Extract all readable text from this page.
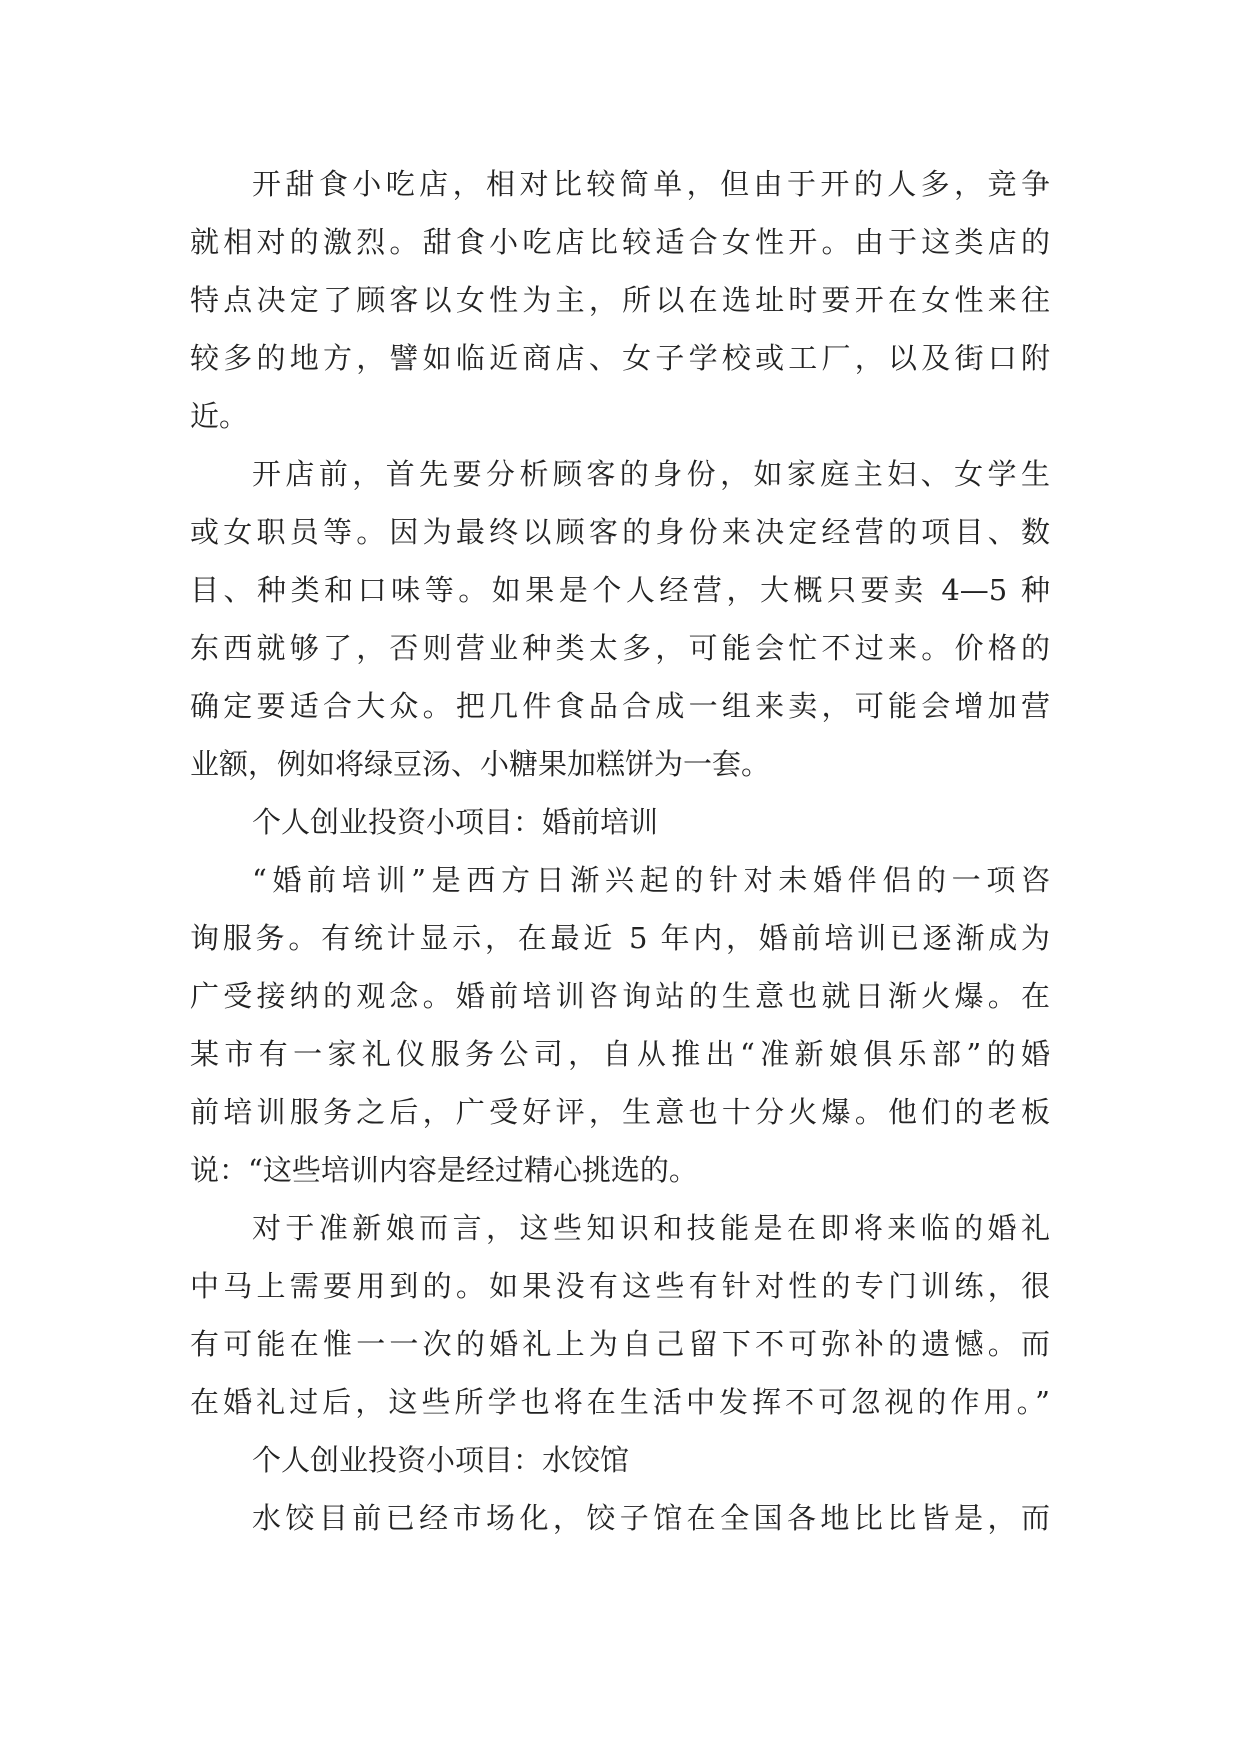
开甜食小吃店，相对比较简单，但由于开的人多，竞争
就相对的激烈。甜食小吃店比较适合女性开。由于这类店的
特点决定了顾客以女性为主，所以在选址时要开在女性来往
较多的地方，譬如临近商店、女子学校或工厂，以及街口附
近。
开店前，首先要分析顾客的身份，如家庭主妇、女学生
或女职员等。因为最终以顾客的身份来决定经营的项目、数
目、种类和口味等。如果是个人经营，大概只要卖 4—5 种
东西就够了，否则营业种类太多，可能会忙不过来。价格的
确定要适合大众。把几件食品合成一组来卖，可能会增加营
业额，例如将绿豆汤、小糖果加糕饼为一套。
个人创业投资小项目：婚前培训
“婚前培训”是西方日渐兴起的针对未婚伴侣的一项咨
询服务。有统计显示，在最近 5 年内，婚前培训已逐渐成为
广受接纳的观念。婚前培训咨询站的生意也就日渐火爆。在
某市有一家礼仪服务公司，自从推出“准新娘俱乐部”的婚
前培训服务之后，广受好评，生意也十分火爆。他们的老板
说：“这些培训内容是经过精心挑选的。
对于准新娘而言，这些知识和技能是在即将来临的婚礼
中马上需要用到的。如果没有这些有针对性的专门训练，很
有可能在惟一一次的婚礼上为自己留下不可弥补的遗憾。而
在婚礼过后，这些所学也将在生活中发挥不可忽视的作用。”
个人创业投资小项目：水饺馆
水饺目前已经市场化，饺子馆在全国各地比比皆是，而
